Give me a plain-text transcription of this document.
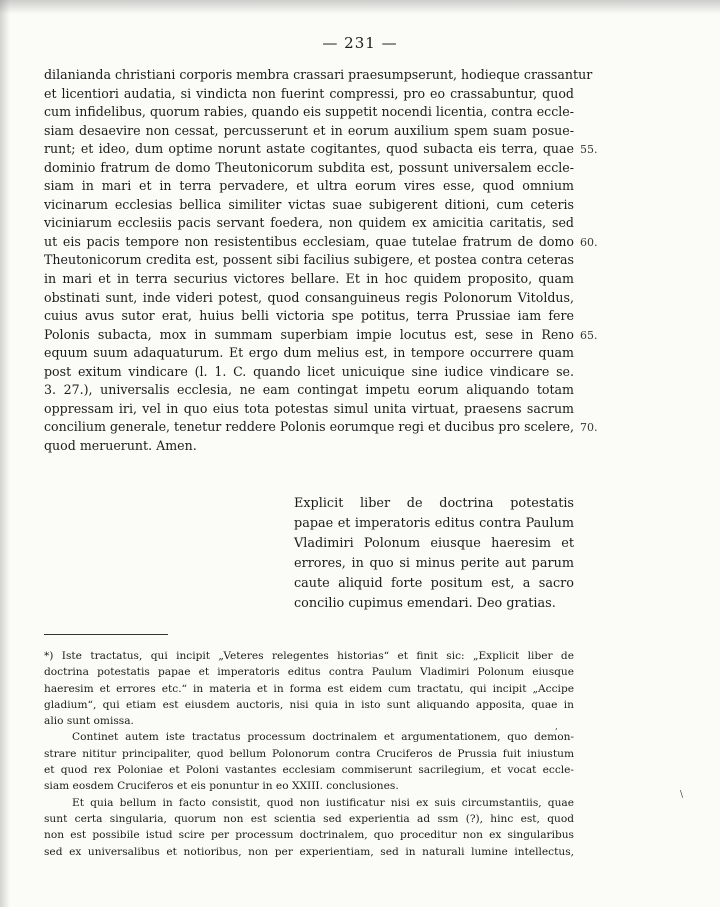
— 231 —
dilanianda christiani corporis membra crassari praesumpserunt, hodieque crassantur
et licentiori audatia, si vindicta non fuerint compressi, pro eo crassabuntur, quod
cum infidelibus, quorum rabies, quando eis suppetit nocendi licentia, contra eccle-
siam desaevire non cessat, percusserunt et in eorum auxilium spem suam posue-
runt; et ideo, dum optime norunt astate cogitantes, quod subacta eis terra, quae
dominio fratrum de domo Theutonicorum subdita est, possunt universalem eccle-
siam in mari et in terra pervadere, et ultra eorum vires esse, quod omnium
vicinarum ecclesias bellica similiter victas suae subigerent ditioni, cum ceteris
viciniarum ecclesiis pacis servant foedera, non quidem ex amicitia caritatis, sed
ut eis pacis tempore non resistentibus ecclesiam, quae tutelae fratrum de domo
Theutonicorum credita est, possent sibi facilius subigere, et postea contra ceteras
in mari et in terra securius victores bellare. Et in hoc quidem proposito, quam
obstinati sunt, inde videri potest, quod consanguineus regis Polonorum Vitoldus,
cuius avus sutor erat, huius belli victoria spe potitus, terra Prussiae iam fere
Polonis subacta, mox in summam superbiam impie locutus est, sese in Reno
equum suum adaquaturum. Et ergo dum melius est, in tempore occurrere quam
post exitum vindicare (l. 1. C. quando licet unicuique sine iudice vindicare se.
3. 27.), universalis ecclesia, ne eam contingat impetu eorum aliquando totam
oppressam iri, vel in quo eius tota potestas simul unita virtuat, praesens sacrum
concilium generale, tenetur reddere Polonis eorumque regi et ducibus pro scelere,
quod meruerunt. Amen.
55.
60.
65.
70.
Explicit liber de doctrina potestatis
papae et imperatoris editus contra Paulum
Vladimiri Polonum eiusque haeresim et
errores, in quo si minus perite aut parum
caute aliquid forte positum est, a sacro
concilio cupimus emendari. Deo gratias.
*) Iste tractatus, qui incipit „Veteres relegentes historias“ et finit sic: „Explicit liber de
doctrina potestatis papae et imperatoris editus contra Paulum Vladimiri Polonum eiusque
haeresim et errores etc.“ in materia et in forma est eidem cum tractatu, qui incipit „Accipe
gladium“, qui etiam est eiusdem auctoris, nisi quia in isto sunt aliquando apposita, quae in
alio sunt omissa.
Continet autem iste tractatus processum doctrinalem et argumentationem, quo demon-
strare nititur principaliter, quod bellum Polonorum contra Cruciferos de Prussia fuit iniustum
et quod rex Poloniae et Poloni vastantes ecclesiam commiserunt sacrilegium, et vocat eccle-
siam eosdem Cruciferos et eis ponuntur in eo XXIII. conclusiones.
Et quia bellum in facto consistit, quod non iustificatur nisi ex suis circumstantiis, quae
sunt certa singularia, quorum non est scientia sed experientia ad ssm (?), hinc est, quod
non est possibile istud scire per processum doctrinalem, quo proceditur non ex singularibus
sed ex universalibus et notioribus, non per experientiam, sed in naturali lumine intellectus,
,
\
